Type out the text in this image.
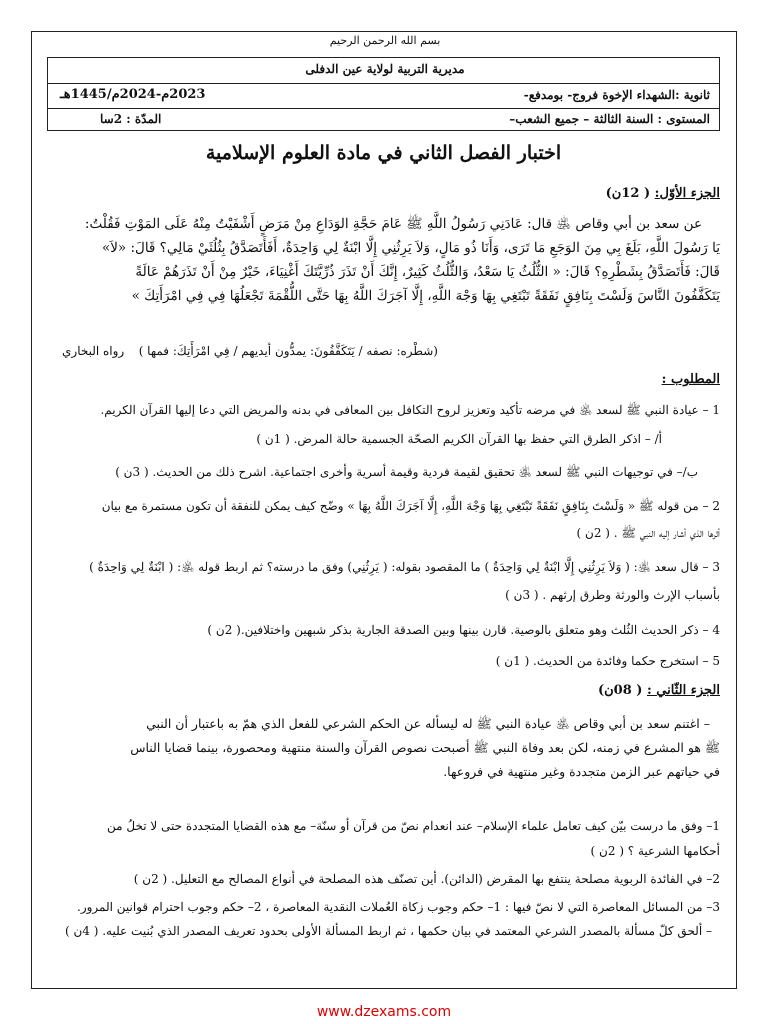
بسم الله الرحمن الرحيم
مديرية التربية لولاية عين الدفلى
ثانوية :الشهداء الإخوة فروج- بومدفع-
2023م-2024م/1445هـ
المستوى : السنة الثالثة – جميع الشعب–
المدّة : 2سا
اختبار الفصل الثاني في مادة العلوم الإسلامية
الجزء الأوّل: ( 12ن)
عن سعد بن أبي وقاص ﵁ قال: عَادَنِي رَسُولُ اللَّهِ ﷺ عَامَ حَجَّةِ الوَدَاعِ مِنْ مَرَضٍ أَشْفَيْتُ مِنْهُ عَلَى المَوْتِ فَقُلْتُ:
يَا رَسُولَ اللَّهِ، بَلَغَ بِي مِنَ الوَجَعِ مَا تَرَى، وَأَنَا ذُو مَالٍ، وَلاَ يَرِثُنِي إِلَّا ابْنَةٌ لِي وَاحِدَةٌ، أَفَأَتَصَدَّقُ بِثُلُثَيْ مَالِي؟ قَالَ: «لاَ»
قَالَ: فَأَتَصَدَّقُ بِشَطْرِهِ؟ قَالَ: « الثُّلُثُ يَا سَعْدُ، وَالثُّلُثُ كَثِيرٌ، إِنَّكَ أَنْ تَذَرَ ذُرِّيَّتَكَ أَغْنِيَاءَ، خَيْرٌ مِنْ أَنْ تَذَرَهُمْ عَالَةً
يَتَكَفَّفُونَ النَّاسَ وَلَسْتَ بِنَافِقٍ نَفَقَةً تَبْتَغِي بِهَا وَجْهَ اللَّهِ، إِلَّا آجَرَكَ اللَّهُ بِهَا حَتَّى اللُّقْمَةَ تَجْعَلُهَا فِي فِي امْرَأَتِكَ »
(شطْره: نصفه / يَتَكَفَّفُونَ: يمدُّون أيديهم / فِي امْرَأَتِكَ: فمها )
رواه البخاري
المطلوب :
1 – عيادة النبي ﷺ لسعد ﵁ في مرضه تأكيد وتعزيز لروح التكافل بين المعافى في بدنه والمريض التي دعا إليها القرآن الكريم.
أ/ – اذكر الطرق التي حفظ بها القرآن الكريم الصحّة الجسمية حالة المرض. ( 1ن )
ب/– في توجيهات النبي ﷺ لسعد ﵁ تحقيق لقيمة فردية وقيمة أسرية وأخرى اجتماعية. اشرح ذلك من الحديث. ( 3ن )
2 – من قوله ﷺ « وَلَسْتَ بِنَافِقٍ نَفَقَةً تَبْتَغِي بِهَا وَجْهَ اللَّهِ، إِلَّا آجَرَكَ اللَّهُ بِهَا » وضّح كيف يمكن للنفقة أن تكون مستمرة مع بيان
أثرها الذي أشار إليه النبي ﷺ . ( 2ن )
3 – قال سعد ﵁: ( وَلاَ يَرِثُنِي إِلَّا ابْنَةٌ لِي وَاحِدَةٌ ) ما المقصود بقوله: ( يَرِثُنِي) وفق ما درسته؟ ثم اربط قوله ﵁: ( ابْنَةٌ لِي وَاحِدَةٌ )
بأسباب الإرث والورثة وطرق إرثهم . ( 3ن )
4 – ذكر الحديث الثُلث وهو متعلق بالوصية. قارن بينها وبين الصدقة الجارية بذكر شبهين واختلافين.( 2ن )
5 – استخرج حكما وفائدة من الحديث. ( 1ن )
الجزء الثّاني : ( 08ن)
– اغتنم سعد بن أبي وقاص ﵁ عيادة النبي ﷺ له ليسأله عن الحكم الشرعي للفعل الذي همّ به باعتبار أن النبي
ﷺ هو المشرع في زمنه، لكن بعد وفاة النبي ﷺ أصبحت نصوص القرآن والسنة منتهية ومحصورة، بينما قضايا الناس
في حياتهم عبر الزمن متجددة وغير منتهية في فروعها.
1– وفق ما درست بيّن كيف تعامل علماء الإسلام– عند انعدام نصّ من قرآن أو سنّة– مع هذه القضايا المتجددة حتى لا تخلُ من
أحكامها الشرعية ؟ ( 2ن )
2– في الفائدة الربوية مصلحة ينتفع بها المقرض (الدائن). أين تصنّف هذه المصلحة في أنواع المصالح مع التعليل. ( 2ن )
3– من المسائل المعاصرة التي لا نصّ فيها : 1– حكم وجوب زكاة العُملات النقدية المعاصرة ، 2– حكم وجوب احترام قوانين المرور.
– ألحق كلّ مسألة بالمصدر الشرعي المعتمد في بيان حكمها ، ثم اربط المسألة الأولى بحدود تعريف المصدر الذي بُنيت عليه. ( 4ن )
www.dzexams.com
